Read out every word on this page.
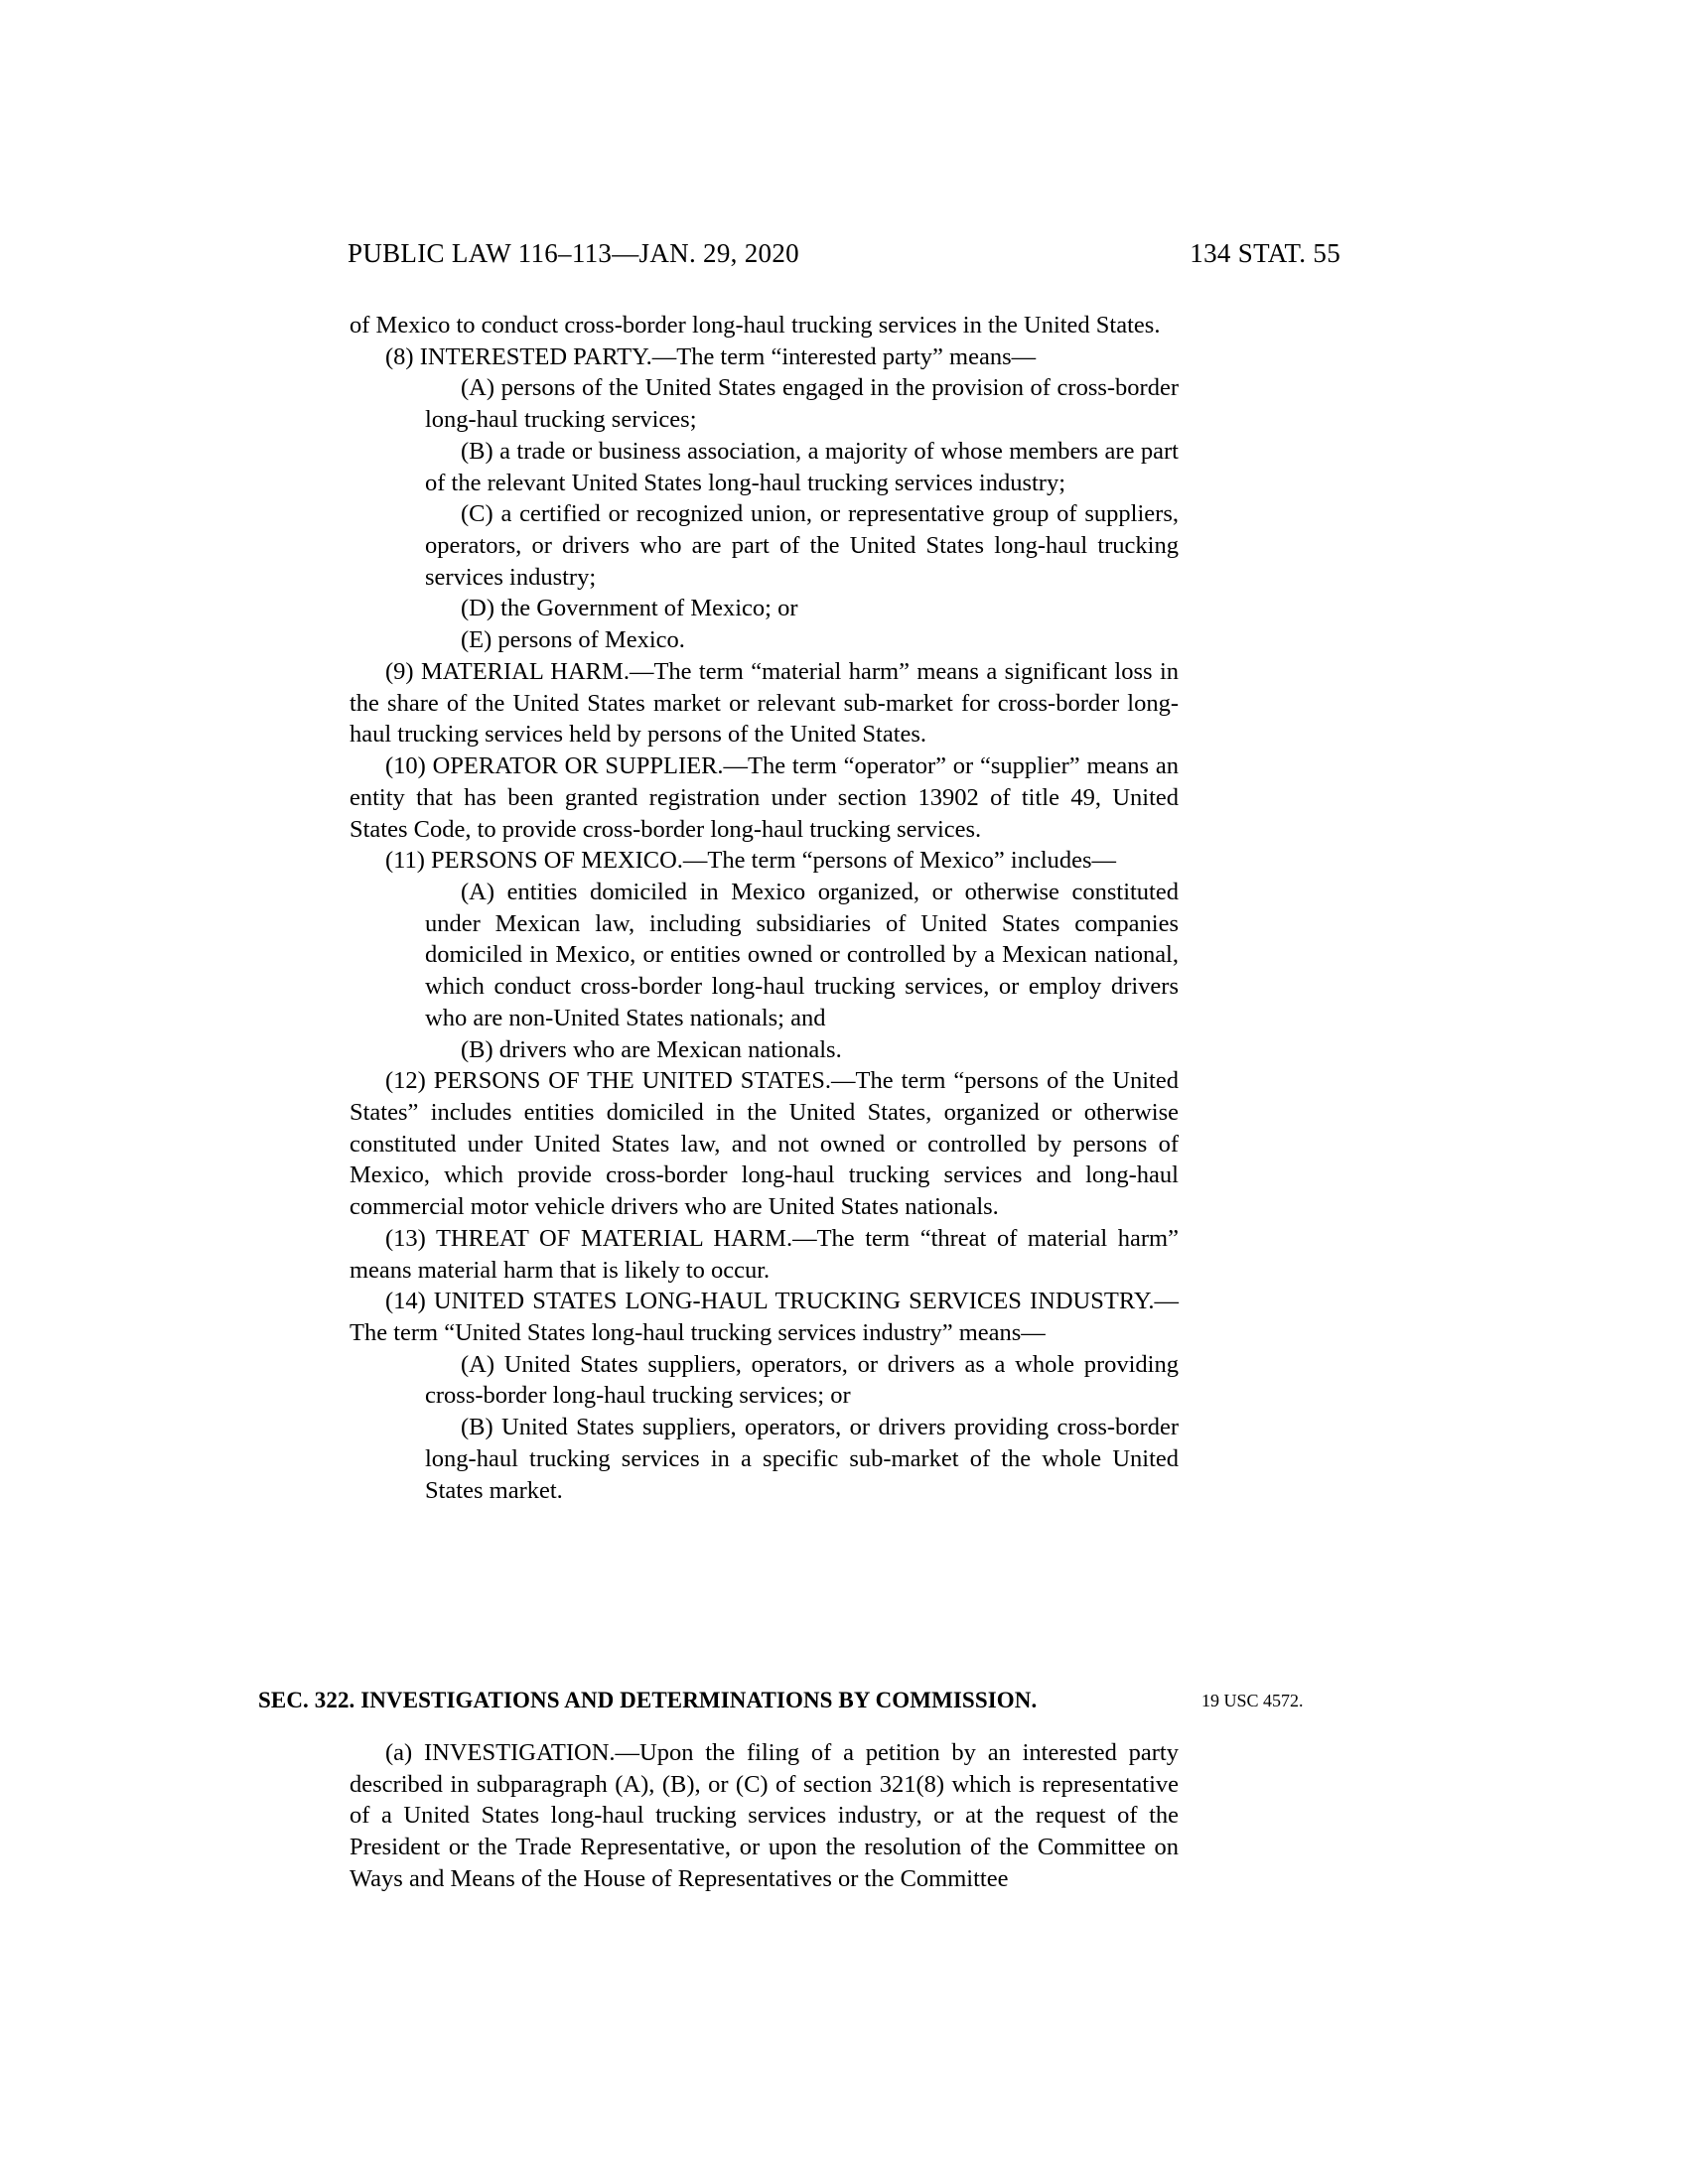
PUBLIC LAW 116–113—JAN. 29, 2020	134 STAT. 55

of Mexico to conduct cross-border long-haul trucking services in the United States.

(8) INTERESTED PARTY.—The term “interested party” means—

(A) persons of the United States engaged in the provision of cross-border long-haul trucking services;

(B) a trade or business association, a majority of whose members are part of the relevant United States long-haul trucking services industry;

(C) a certified or recognized union, or representative group of suppliers, operators, or drivers who are part of the United States long-haul trucking services industry;

(D) the Government of Mexico; or

(E) persons of Mexico.

(9) MATERIAL HARM.—The term “material harm” means a significant loss in the share of the United States market or relevant sub-market for cross-border long-haul trucking services held by persons of the United States.

(10) OPERATOR OR SUPPLIER.—The term “operator” or “supplier” means an entity that has been granted registration under section 13902 of title 49, United States Code, to provide cross-border long-haul trucking services.

(11) PERSONS OF MEXICO.—The term “persons of Mexico” includes—

(A) entities domiciled in Mexico organized, or otherwise constituted under Mexican law, including subsidiaries of United States companies domiciled in Mexico, or entities owned or controlled by a Mexican national, which conduct cross-border long-haul trucking services, or employ drivers who are non-United States nationals; and

(B) drivers who are Mexican nationals.

(12) PERSONS OF THE UNITED STATES.—The term “persons of the United States” includes entities domiciled in the United States, organized or otherwise constituted under United States law, and not owned or controlled by persons of Mexico, which provide cross-border long-haul trucking services and long-haul commercial motor vehicle drivers who are United States nationals.

(13) THREAT OF MATERIAL HARM.—The term “threat of material harm” means material harm that is likely to occur.

(14) UNITED STATES LONG-HAUL TRUCKING SERVICES INDUSTRY.—The term “United States long-haul trucking services industry” means—

(A) United States suppliers, operators, or drivers as a whole providing cross-border long-haul trucking services; or

(B) United States suppliers, operators, or drivers providing cross-border long-haul trucking services in a specific sub-market of the whole United States market.

SEC. 322. INVESTIGATIONS AND DETERMINATIONS BY COMMISSION.	19 USC 4572.

(a) INVESTIGATION.—Upon the filing of a petition by an interested party described in subparagraph (A), (B), or (C) of section 321(8) which is representative of a United States long-haul trucking services industry, or at the request of the President or the Trade Representative, or upon the resolution of the Committee on Ways and Means of the House of Representatives or the Committee
